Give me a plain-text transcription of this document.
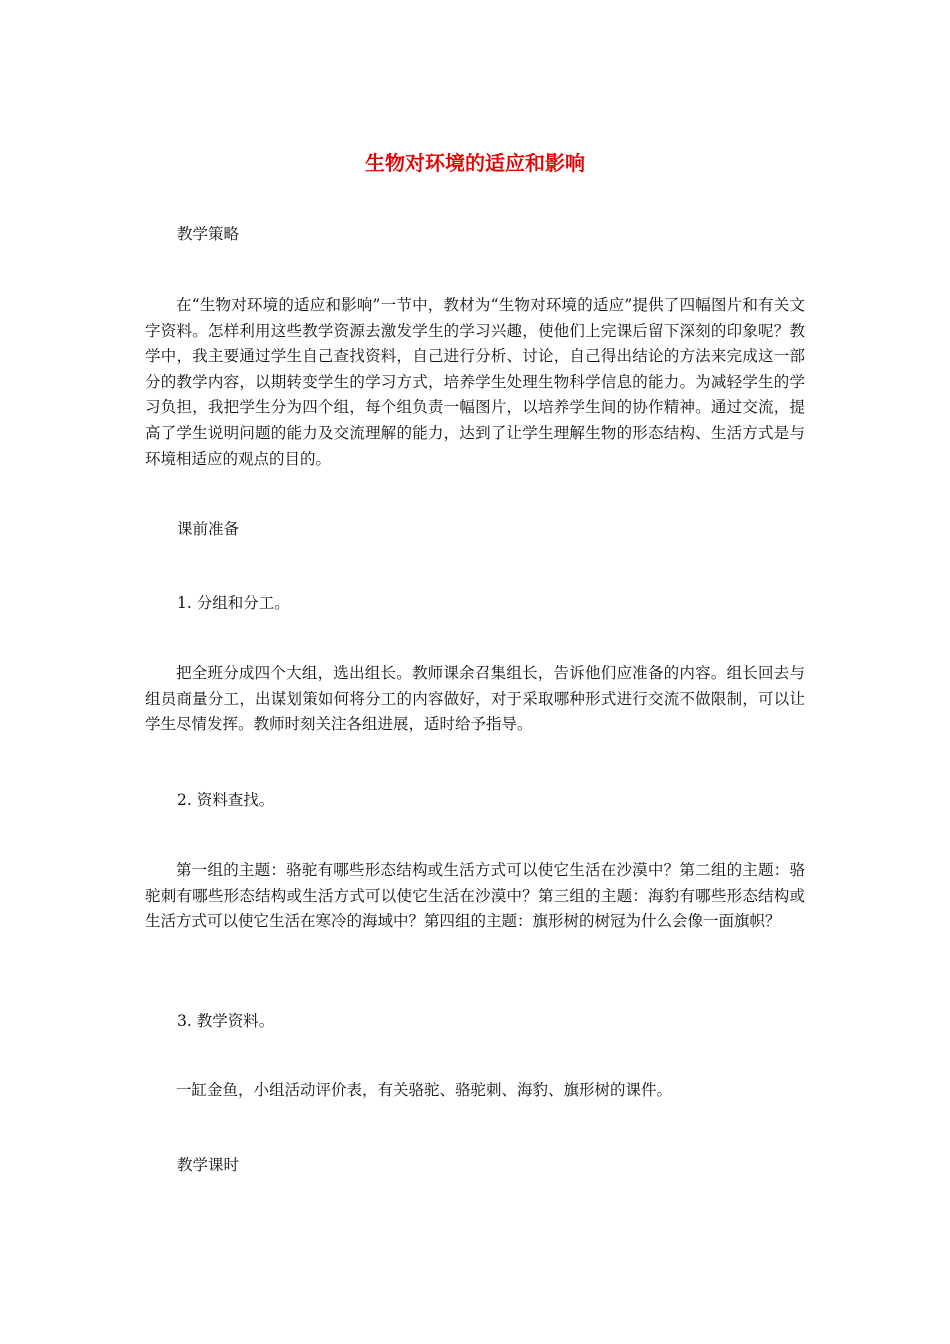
生物对环境的适应和影响

教学策略

在“生物对环境的适应和影响”一节中，教材为“生物对环境的适应”提供了四幅图片和有关文字资料。怎样利用这些教学资源去激发学生的学习兴趣，使他们上完课后留下深刻的印象呢？教学中，我主要通过学生自己查找资料，自己进行分析、讨论，自己得出结论的方法来完成这一部分的教学内容，以期转变学生的学习方式，培养学生处理生物科学信息的能力。为减轻学生的学习负担，我把学生分为四个组，每个组负责一幅图片，以培养学生间的协作精神。通过交流，提高了学生说明问题的能力及交流理解的能力，达到了让学生理解生物的形态结构、生活方式是与环境相适应的观点的目的。

课前准备

1. 分组和分工。

把全班分成四个大组，选出组长。教师课余召集组长，告诉他们应准备的内容。组长回去与组员商量分工，出谋划策如何将分工的内容做好，对于采取哪种形式进行交流不做限制，可以让学生尽情发挥。教师时刻关注各组进展，适时给予指导。

2. 资料查找。

第一组的主题：骆驼有哪些形态结构或生活方式可以使它生活在沙漠中？第二组的主题：骆驼刺有哪些形态结构或生活方式可以使它生活在沙漠中？第三组的主题：海豹有哪些形态结构或生活方式可以使它生活在寒冷的海域中？第四组的主题：旗形树的树冠为什么会像一面旗帜？

3. 教学资料。

一缸金鱼，小组活动评价表，有关骆驼、骆驼刺、海豹、旗形树的课件。

教学课时
